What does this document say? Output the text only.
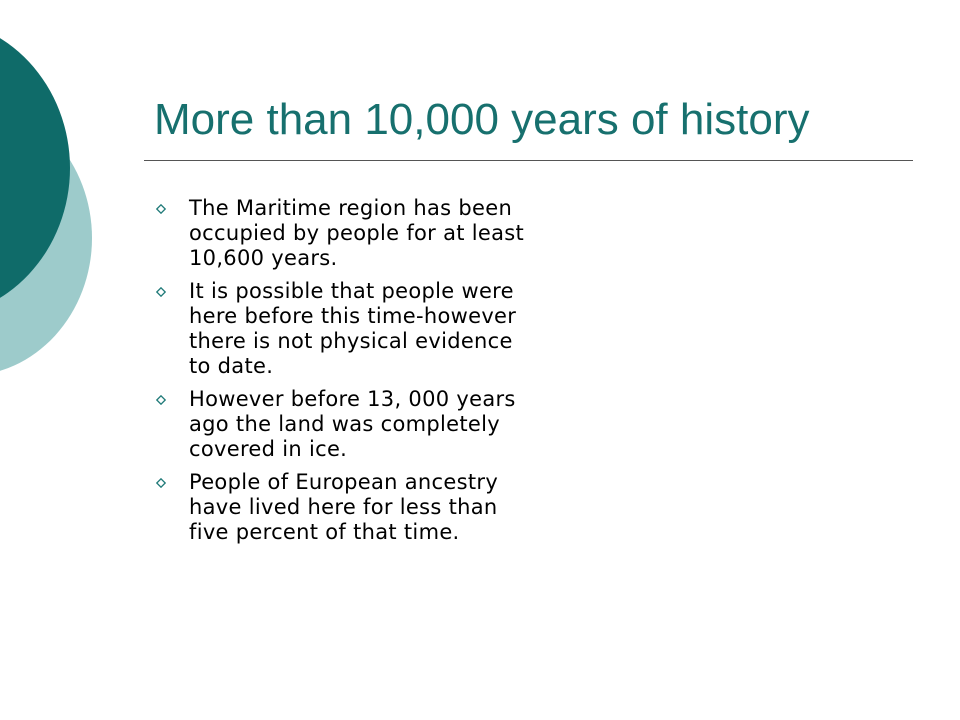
More than 10,000 years of history
The Maritime region has been occupied by people for at least 10,600 years.
It is possible that people were here before this time-however there is not physical evidence to date.
However before 13, 000 years ago the land was completely covered in ice.
People of European ancestry have lived here for less than five percent of that time.
